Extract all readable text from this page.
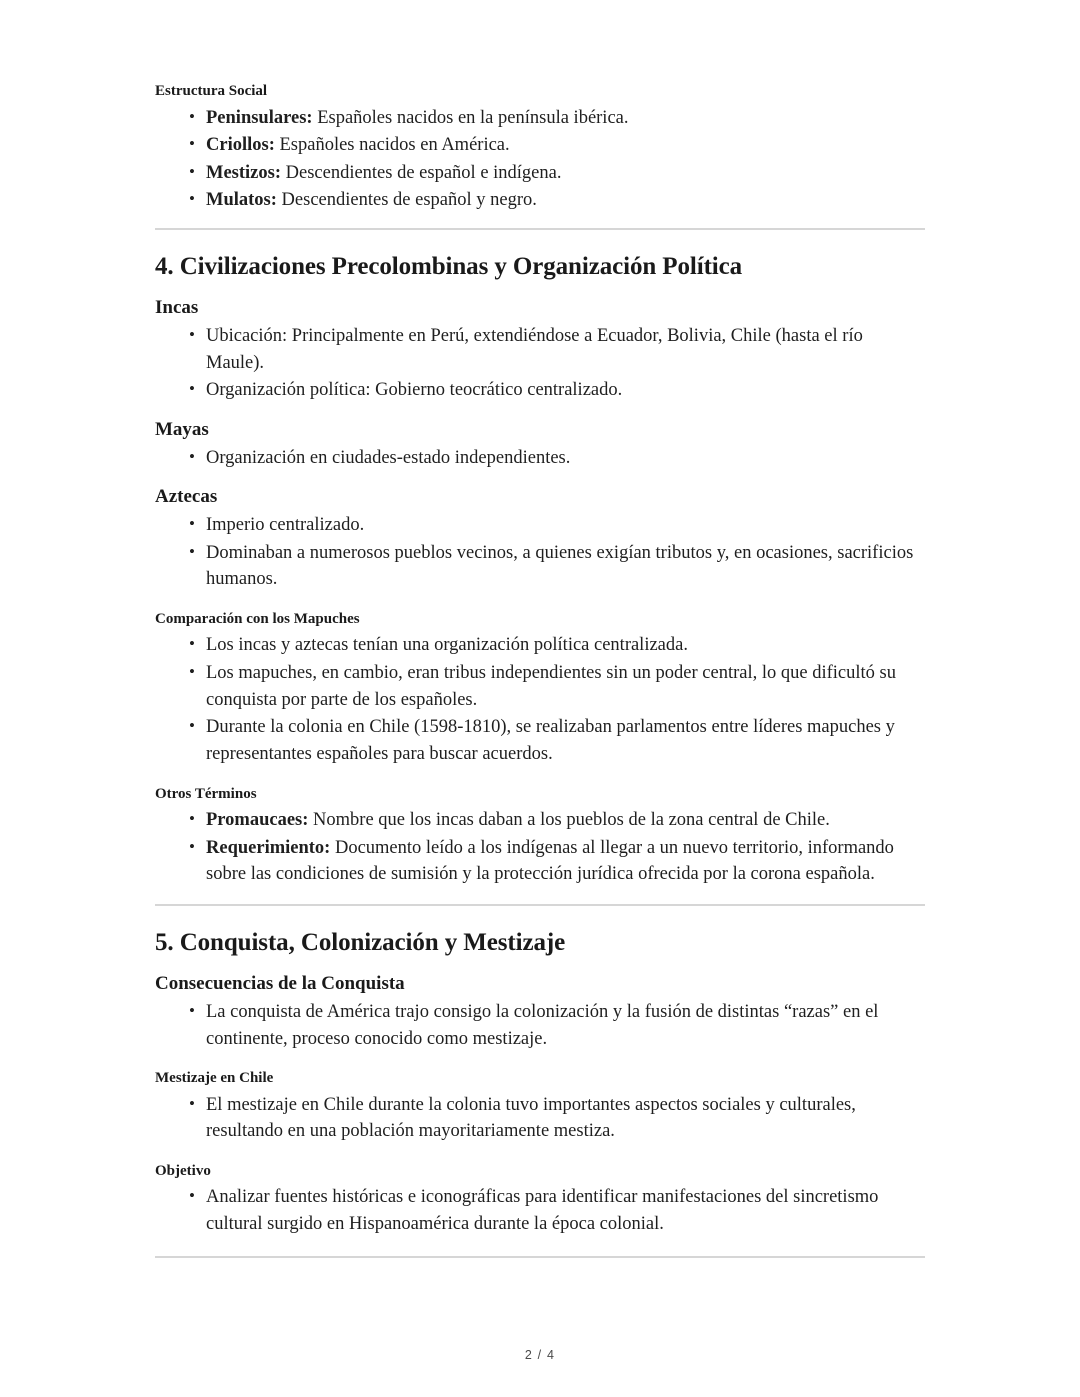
Estructura Social
• Peninsulares: Españoles nacidos en la península ibérica.
• Criollos: Españoles nacidos en América.
• Mestizos: Descendientes de español e indígena.
• Mulatos: Descendientes de español y negro.
4. Civilizaciones Precolombinas y Organización Política
Incas
• Ubicación: Principalmente en Perú, extendiéndose a Ecuador, Bolivia, Chile (hasta el río Maule).
• Organización política: Gobierno teocrático centralizado.
Mayas
• Organización en ciudades-estado independientes.
Aztecas
• Imperio centralizado.
• Dominaban a numerosos pueblos vecinos, a quienes exigían tributos y, en ocasiones, sacrificios humanos.
Comparación con los Mapuches
• Los incas y aztecas tenían una organización política centralizada.
• Los mapuches, en cambio, eran tribus independientes sin un poder central, lo que dificultó su conquista por parte de los españoles.
• Durante la colonia en Chile (1598-1810), se realizaban parlamentos entre líderes mapuches y representantes españoles para buscar acuerdos.
Otros Términos
• Promaucaes: Nombre que los incas daban a los pueblos de la zona central de Chile.
• Requerimiento: Documento leído a los indígenas al llegar a un nuevo territorio, informando sobre las condiciones de sumisión y la protección jurídica ofrecida por la corona española.
5. Conquista, Colonización y Mestizaje
Consecuencias de la Conquista
• La conquista de América trajo consigo la colonización y la fusión de distintas “razas” en el continente, proceso conocido como mestizaje.
Mestizaje en Chile
• El mestizaje en Chile durante la colonia tuvo importantes aspectos sociales y culturales, resultando en una población mayoritariamente mestiza.
Objetivo
• Analizar fuentes históricas e iconográficas para identificar manifestaciones del sincretismo cultural surgido en Hispanoamérica durante la época colonial.
2 / 4
